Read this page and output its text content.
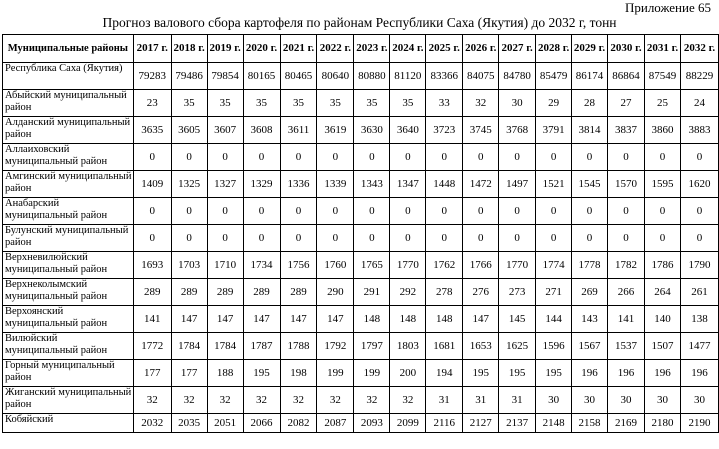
Приложение 65
Прогноз валового сбора картофеля по районам Республики Саха (Якутия) до 2032 г, тонн
Муниципальные районы	2017 г.	2018 г.	2019 г.	2020 г.	2021 г.	2022 г.	2023 г.	2024 г.	2025 г.	2026 г.	2027 г.	2028 г.	2029 г.	2030 г.	2031 г.	2032 г.
Республика Саха (Якутия)	79283	79486	79854	80165	80465	80640	80880	81120	83366	84075	84780	85479	86174	86864	87549	88229
Абыйский муниципальный район	23	35	35	35	35	35	35	35	33	32	30	29	28	27	25	24
Алданский муниципальный район	3635	3605	3607	3608	3611	3619	3630	3640	3723	3745	3768	3791	3814	3837	3860	3883
Аллаиховский муниципальный район	0	0	0	0	0	0	0	0	0	0	0	0	0	0	0	0
Амгинский муниципальный район	1409	1325	1327	1329	1336	1339	1343	1347	1448	1472	1497	1521	1545	1570	1595	1620
Анабарский муниципальный район	0	0	0	0	0	0	0	0	0	0	0	0	0	0	0	0
Булунский муниципальный район	0	0	0	0	0	0	0	0	0	0	0	0	0	0	0	0
Верхневилюйский муниципальный район	1693	1703	1710	1734	1756	1760	1765	1770	1762	1766	1770	1774	1778	1782	1786	1790
Верхнеколымский муниципальный район	289	289	289	289	289	290	291	292	278	276	273	271	269	266	264	261
Верхоянский муниципальный район	141	147	147	147	147	147	148	148	148	147	145	144	143	141	140	138
Вилюйский муниципальный район	1772	1784	1784	1787	1788	1792	1797	1803	1681	1653	1625	1596	1567	1537	1507	1477
Горный муниципальный район	177	177	188	195	198	199	199	200	194	195	195	195	196	196	196	196
Жиганский муниципальный район	32	32	32	32	32	32	32	32	31	31	31	30	30	30	30	30
Кобяйский	2032	2035	2051	2066	2082	2087	2093	2099	2116	2127	2137	2148	2158	2169	2180	2190
